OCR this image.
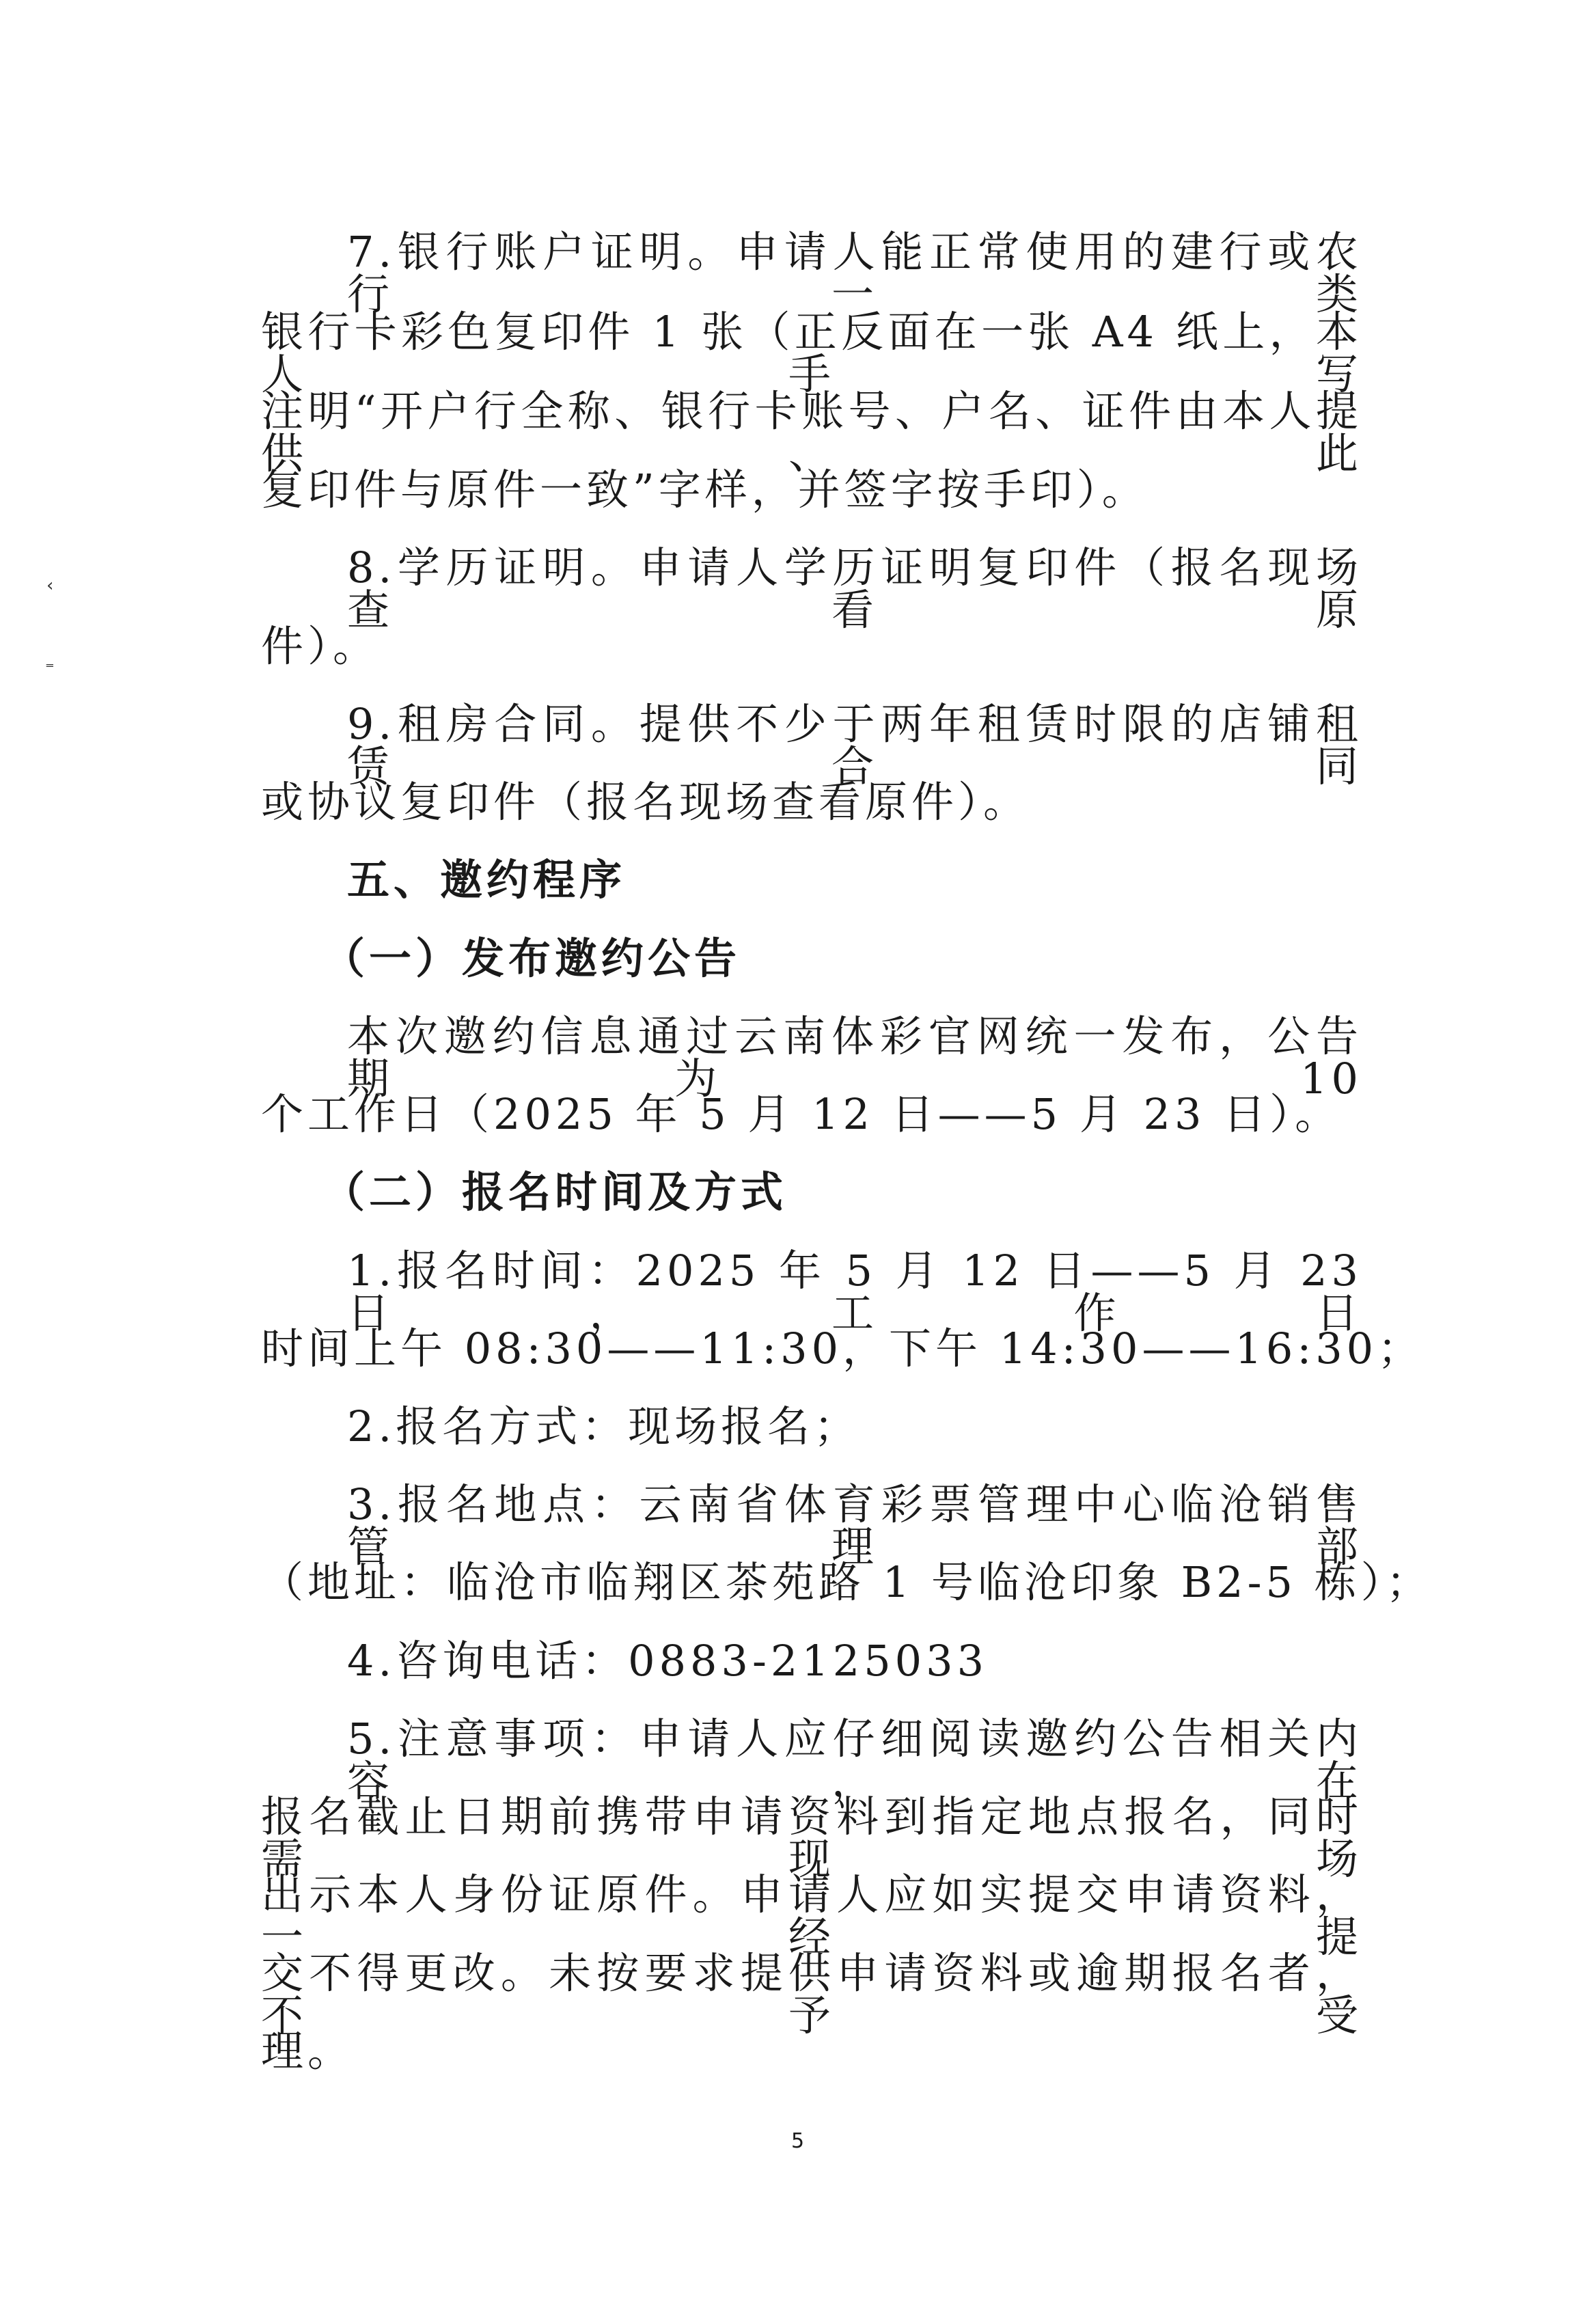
‹
⁼
7.银行账户证明。申请人能正常使用的建行或农行一类
银行卡彩色复印件 1 张（正反面在一张 A4 纸上，本人手写
注明“开户行全称、银行卡账号、户名、证件由本人提供、此
复印件与原件一致”字样，并签字按手印）。
8.学历证明。申请人学历证明复印件（报名现场查看原
件）。
9.租房合同。提供不少于两年租赁时限的店铺租赁合同
或协议复印件（报名现场查看原件）。
五、邀约程序
（一）发布邀约公告
本次邀约信息通过云南体彩官网统一发布，公告期为 10
个工作日（2025 年 5 月 12 日——5 月 23 日）。
（二）报名时间及方式
1.报名时间：2025 年 5 月 12 日——5 月 23 日，工作日
时间上午 08:30——11:30，下午 14:30——16:30；
2.报名方式：现场报名；
3.报名地点：云南省体育彩票管理中心临沧销售管理部
（地址：临沧市临翔区茶苑路 1 号临沧印象 B2-5 栋）；
4.咨询电话：0883-2125033
5.注意事项：申请人应仔细阅读邀约公告相关内容，在
报名截止日期前携带申请资料到指定地点报名，同时需现场
出示本人身份证原件。申请人应如实提交申请资料，一经提
交不得更改。未按要求提供申请资料或逾期报名者，不予受
理。
5
